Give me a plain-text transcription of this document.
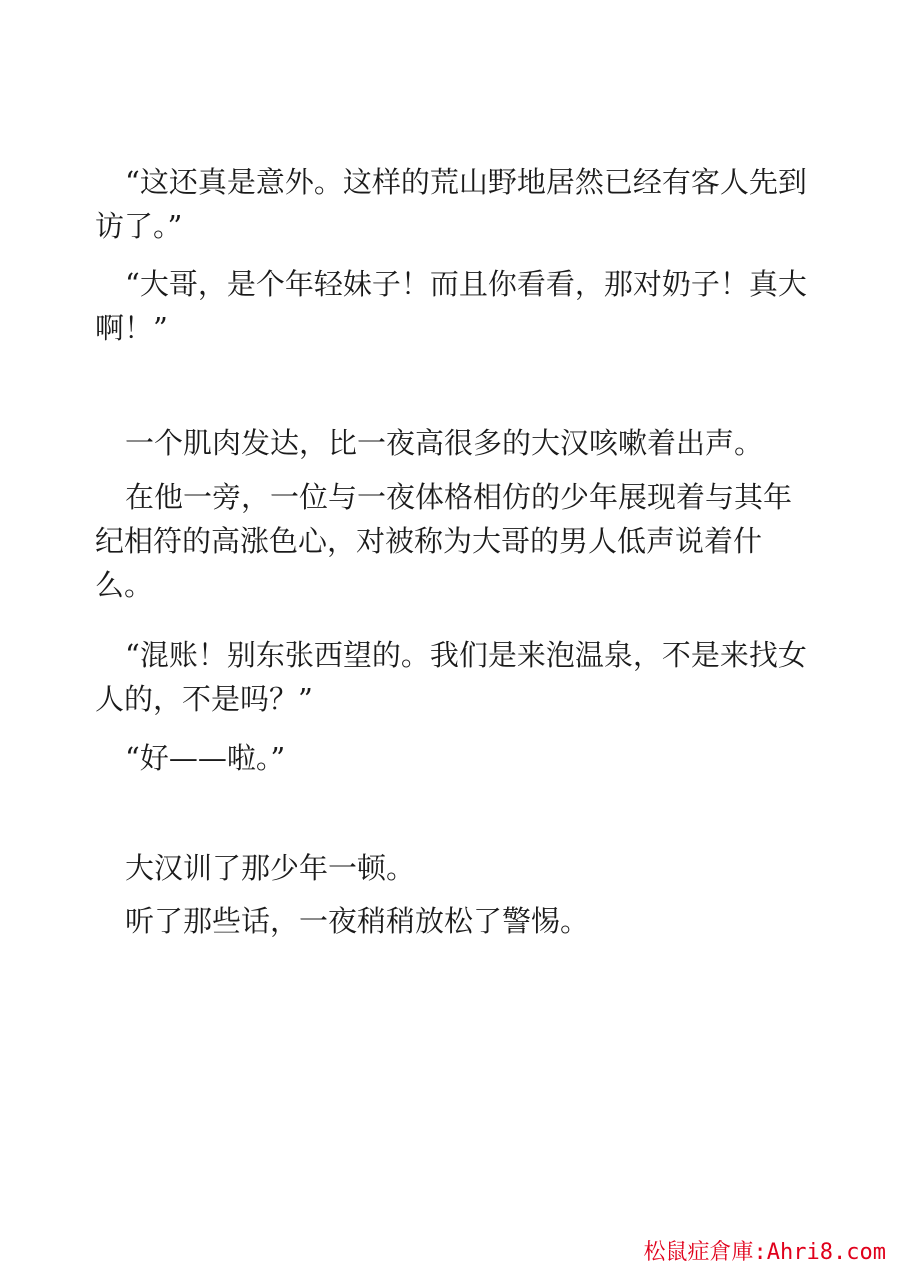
“这还真是意外。这样的荒山野地居然已经有客人先到访了。”

“大哥，是个年轻妹子！而且你看看，那对奶子！真大啊！”

一个肌肉发达，比一夜高很多的大汉咳嗽着出声。

在他一旁，一位与一夜体格相仿的少年展现着与其年纪相符的高涨色心，对被称为大哥的男人低声说着什么。

“混账！别东张西望的。我们是来泡温泉，不是来找女人的，不是吗？”

“好——啦。”

大汉训了那少年一顿。

听了那些话，一夜稍稍放松了警惕。

松鼠症倉庫:Ahri8.com
